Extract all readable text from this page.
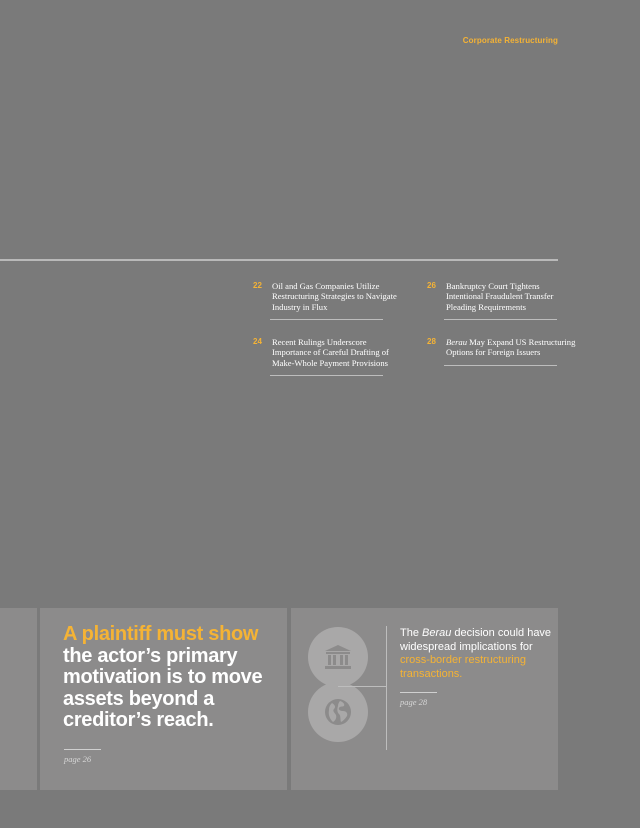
Corporate Restructuring
22 Oil and Gas Companies Utilize Restructuring Strategies to Navigate Industry in Flux
24 Recent Rulings Underscore Importance of Careful Drafting of Make-Whole Payment Provisions
26 Bankruptcy Court Tightens Intentional Fraudulent Transfer Pleading Requirements
28 Berau May Expand US Restructuring Options for Foreign Issuers
A plaintiff must show the actor’s primary motivation is to move assets beyond a creditor’s reach.
page 26
The Berau decision could have widespread implications for cross-border restructuring transactions.
page 28
